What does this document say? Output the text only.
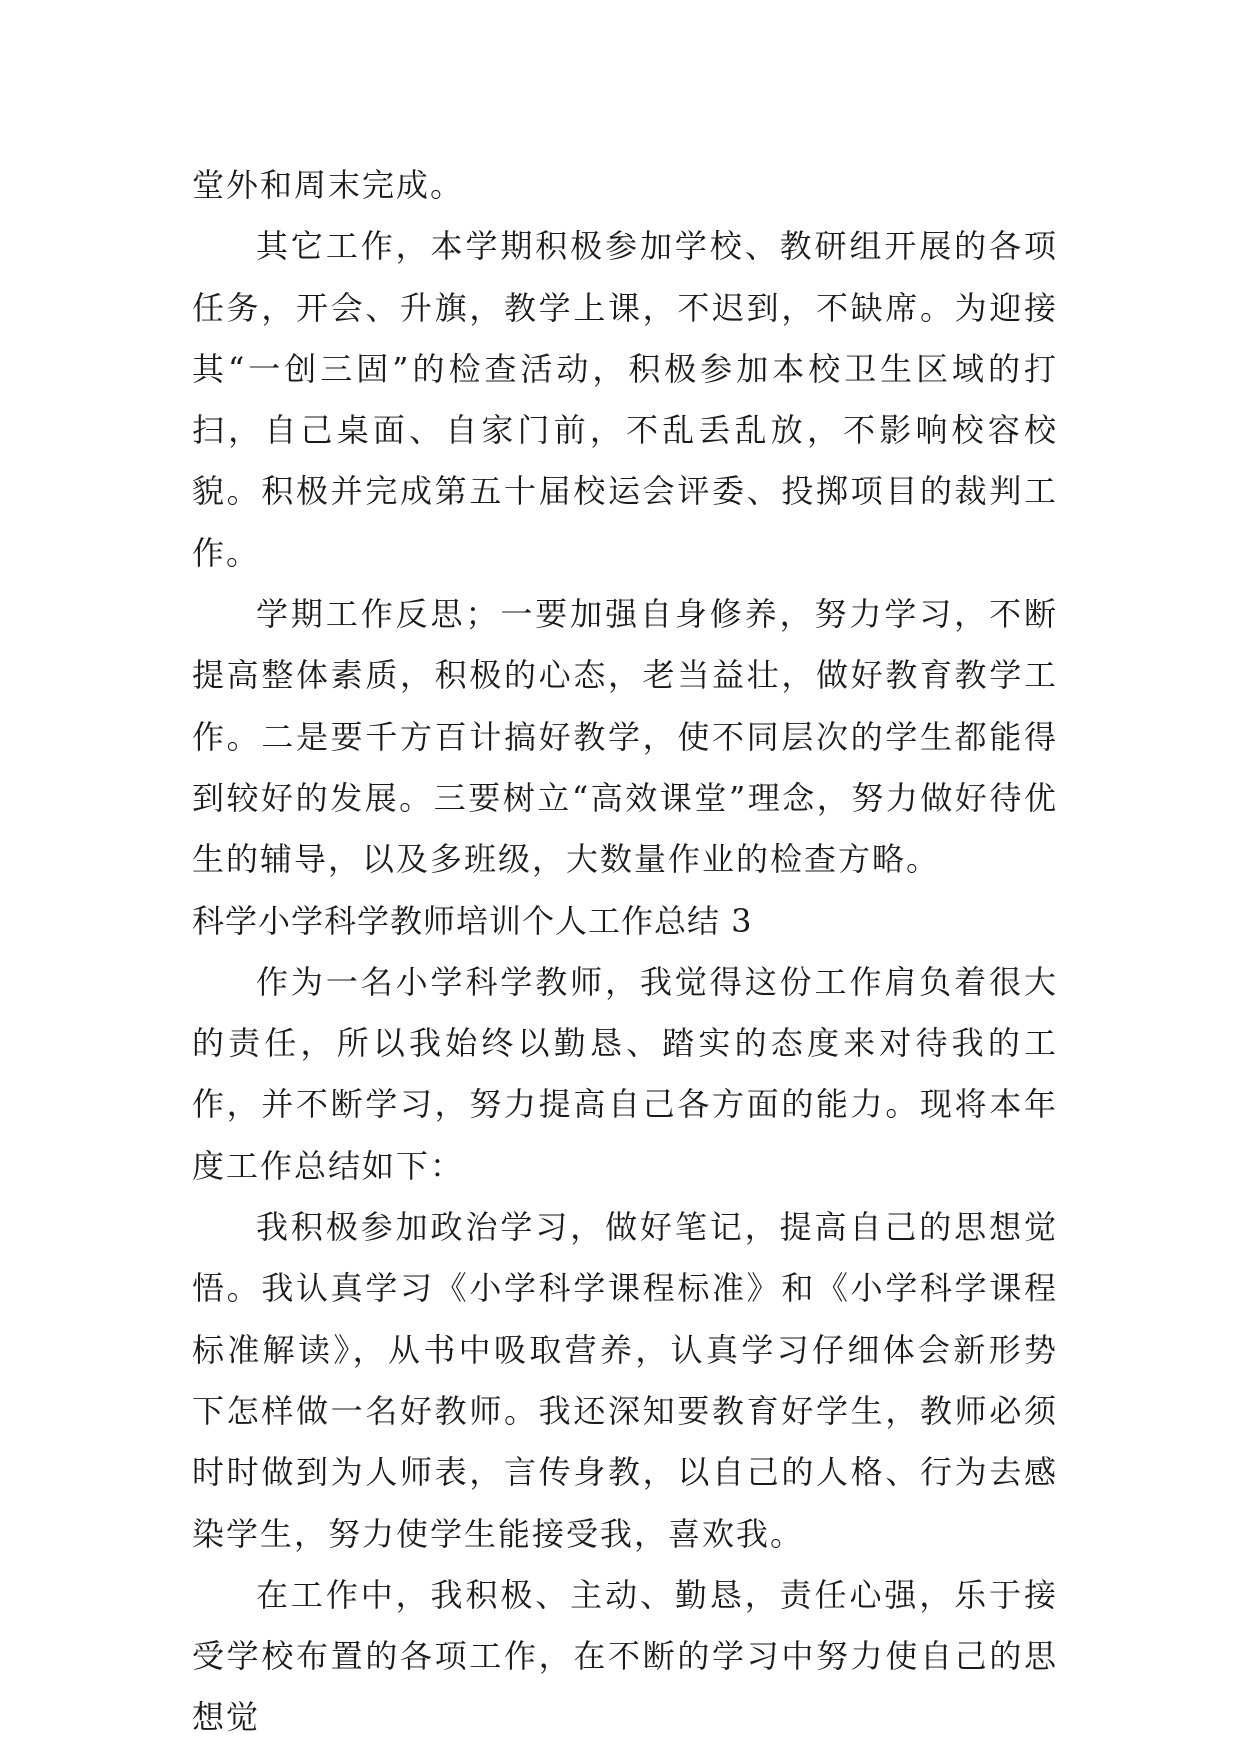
堂外和周末完成。

其它工作，本学期积极参加学校、教研组开展的各项任务，开会、升旗，教学上课，不迟到，不缺席。为迎接其“一创三固”的检查活动，积极参加本校卫生区域的打扫，自己桌面、自家门前，不乱丢乱放，不影响校容校貌。积极并完成第五十届校运会评委、投掷项目的裁判工作。

学期工作反思；一要加强自身修养，努力学习，不断提高整体素质，积极的心态，老当益壮，做好教育教学工作。二是要千方百计搞好教学，使不同层次的学生都能得到较好的发展。三要树立“高效课堂”理念，努力做好待优生的辅导，以及多班级，大数量作业的检查方略。

科学小学科学教师培训个人工作总结 3

作为一名小学科学教师，我觉得这份工作肩负着很大的责任，所以我始终以勤恳、踏实的态度来对待我的工作，并不断学习，努力提高自己各方面的能力。现将本年度工作总结如下：

我积极参加政治学习，做好笔记，提高自己的思想觉悟。我认真学习《小学科学课程标准》和《小学科学课程标准解读》，从书中吸取营养，认真学习仔细体会新形势下怎样做一名好教师。我还深知要教育好学生，教师必须时时做到为人师表，言传身教，以自己的人格、行为去感染学生，努力使学生能接受我，喜欢我。

在工作中，我积极、主动、勤恳，责任心强，乐于接受学校布置的各项工作，在不断的学习中努力使自己的思想觉
